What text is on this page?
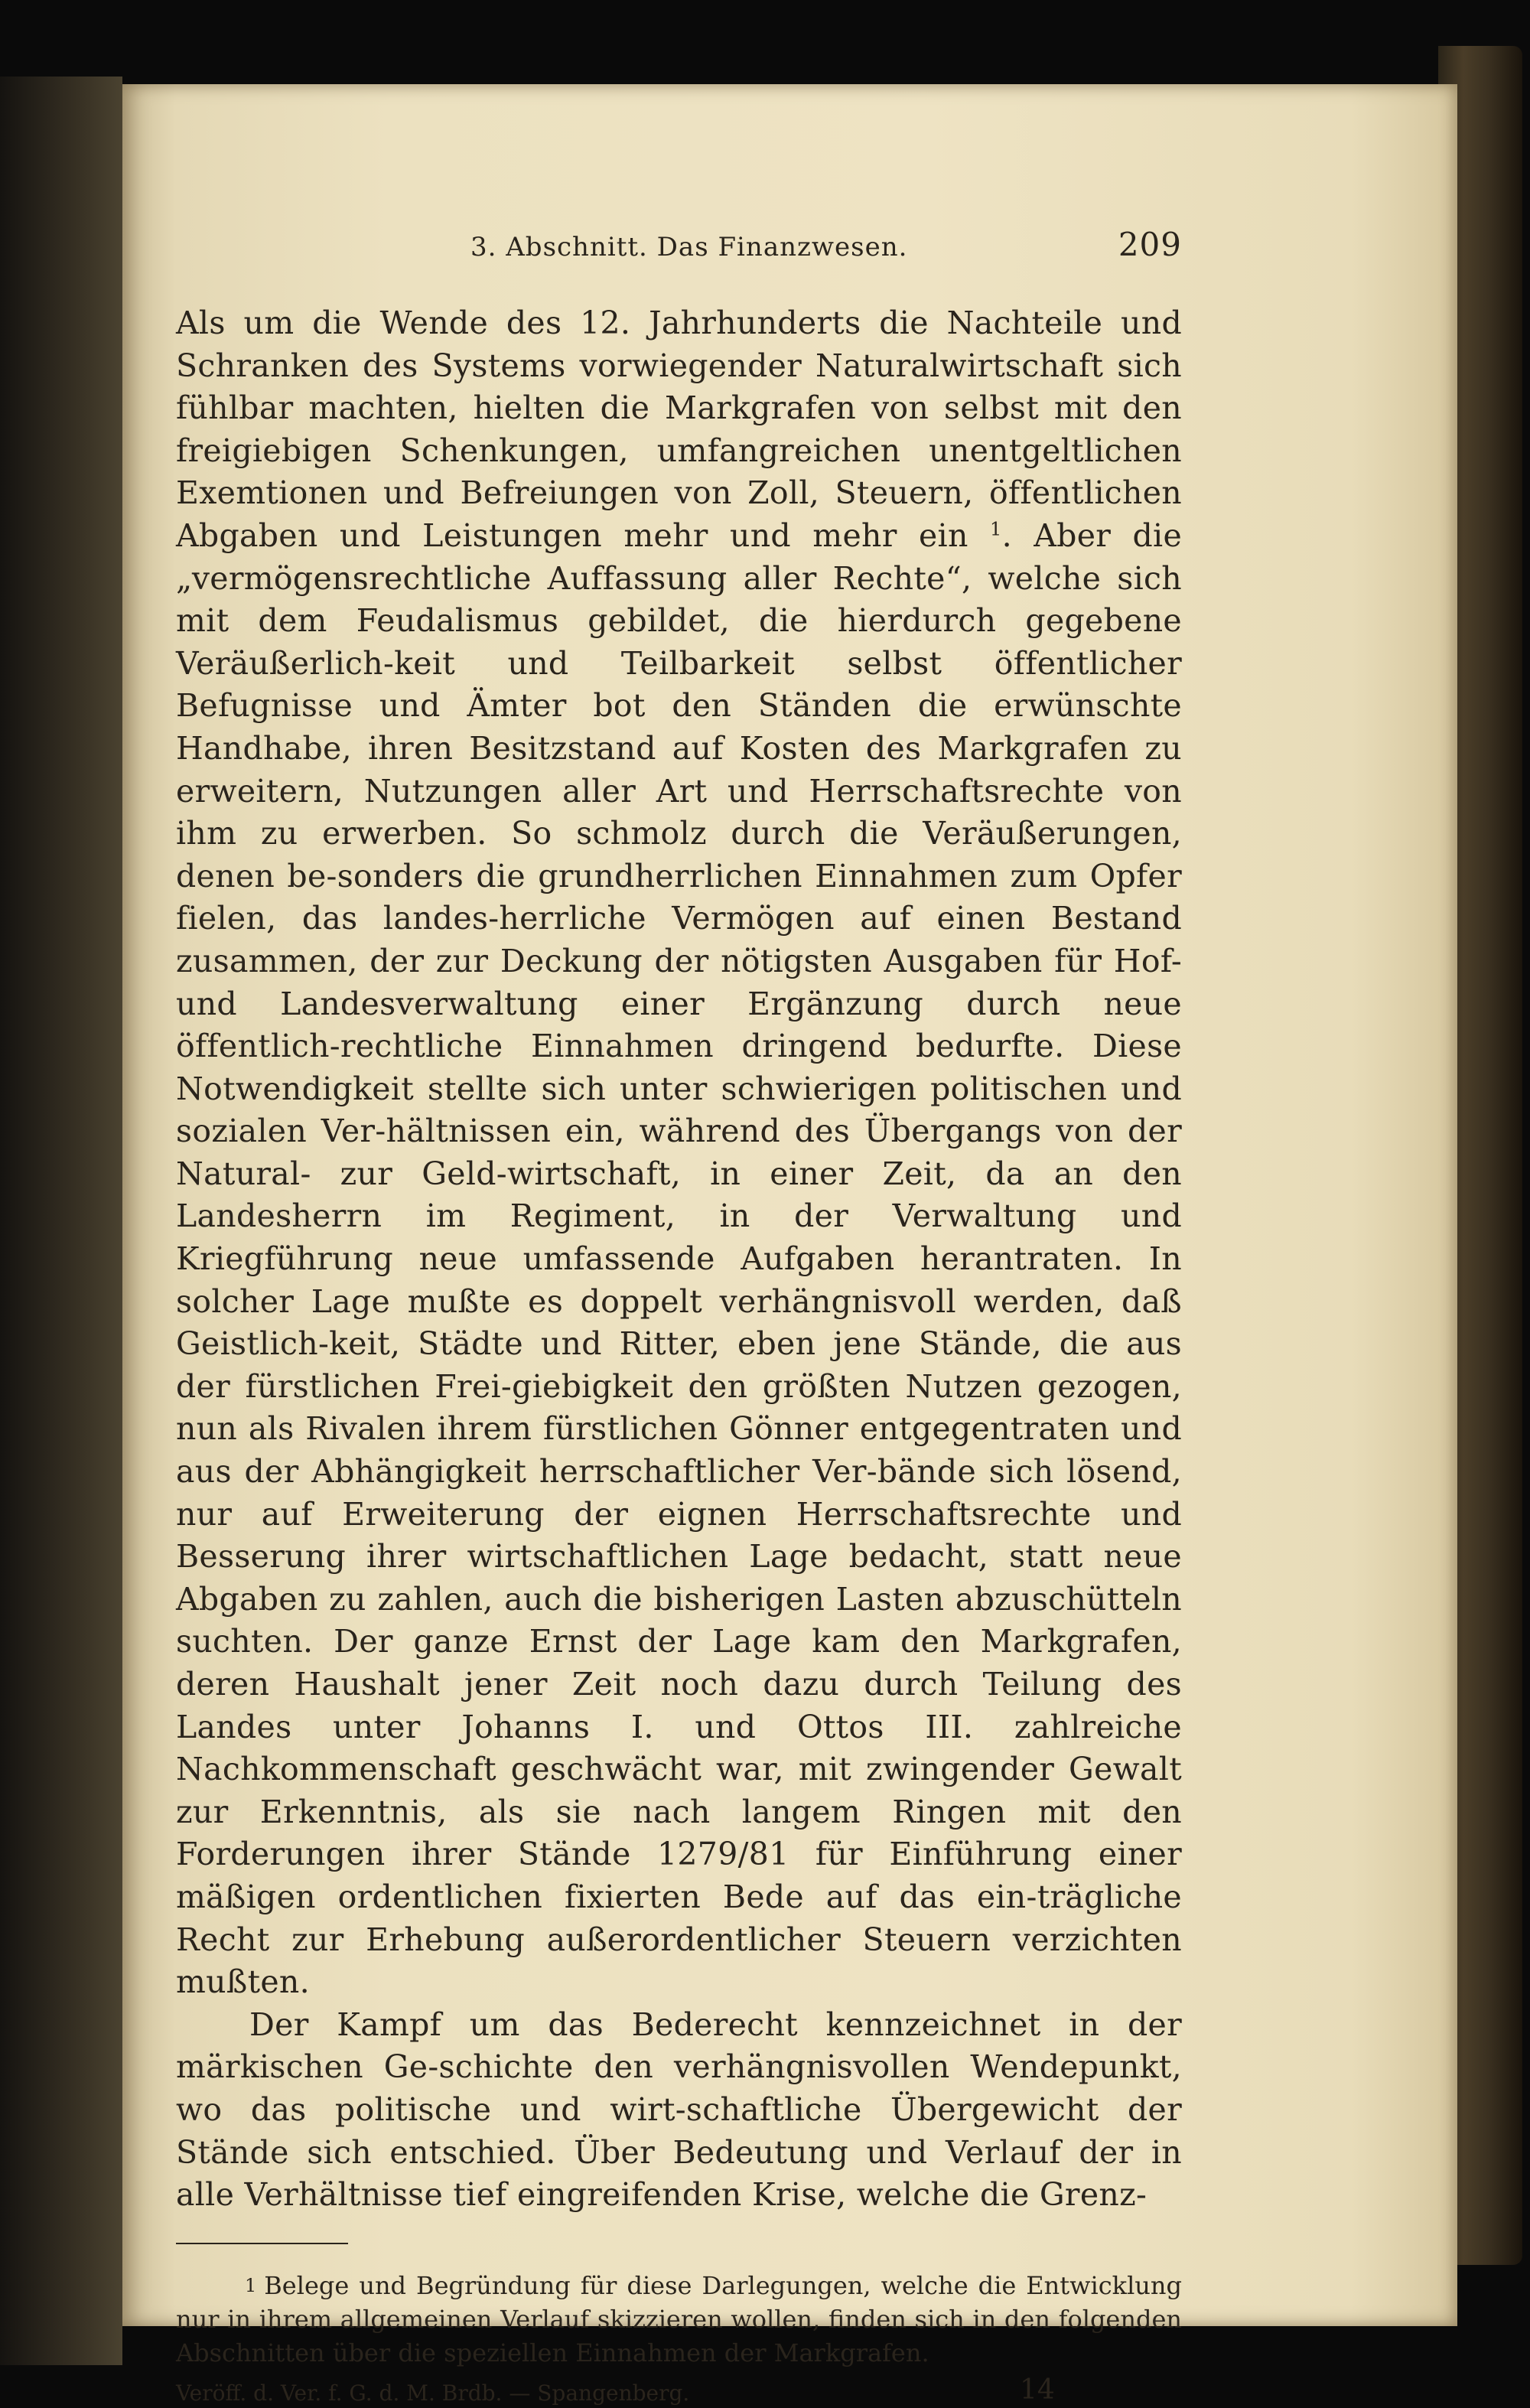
3. Abschnitt. Das Finanzwesen.	209

Als um die Wende des 12. Jahrhunderts die Nachteile und Schranken des Systems vorwiegender Naturalwirtschaft sich fühlbar machten, hielten die Markgrafen von selbst mit den freigiebigen Schenkungen, umfangreichen unentgeltlichen Exemtionen und Befreiungen von Zoll, Steuern, öffentlichen Abgaben und Leistungen mehr und mehr ein $^1$. Aber die „vermögensrechtliche Auffassung aller Rechte“, welche sich mit dem Feudalismus gebildet, die hierdurch gegebene Veräußerlich-keit und Teilbarkeit selbst öffentlicher Befugnisse und Ämter bot den Ständen die erwünschte Handhabe, ihren Besitzstand auf Kosten des Markgrafen zu erweitern, Nutzungen aller Art und Herrschaftsrechte von ihm zu erwerben. So schmolz durch die Veräußerungen, denen be-sonders die grundherrlichen Einnahmen zum Opfer fielen, das landes-herrliche Vermögen auf einen Bestand zusammen, der zur Deckung der nötigsten Ausgaben für Hof- und Landesverwaltung einer Ergänzung durch neue öffentlich-rechtliche Einnahmen dringend bedurfte. Diese Notwendigkeit stellte sich unter schwierigen politischen und sozialen Ver-hältnissen ein, während des Übergangs von der Natural- zur Geld-wirtschaft, in einer Zeit, da an den Landesherrn im Regiment, in der Verwaltung und Kriegführung neue umfassende Aufgaben herantraten. In solcher Lage mußte es doppelt verhängnisvoll werden, daß Geistlich-keit, Städte und Ritter, eben jene Stände, die aus der fürstlichen Frei-giebigkeit den größten Nutzen gezogen, nun als Rivalen ihrem fürstlichen Gönner entgegentraten und aus der Abhängigkeit herrschaftlicher Ver-bände sich lösend, nur auf Erweiterung der eignen Herrschaftsrechte und Besserung ihrer wirtschaftlichen Lage bedacht, statt neue Abgaben zu zahlen, auch die bisherigen Lasten abzuschütteln suchten. Der ganze Ernst der Lage kam den Markgrafen, deren Haushalt jener Zeit noch dazu durch Teilung des Landes unter Johanns I. und Ottos III. zahlreiche Nachkommenschaft geschwächt war, mit zwingender Gewalt zur Erkenntnis, als sie nach langem Ringen mit den Forderungen ihrer Stände 1279/81 für Einführung einer mäßigen ordentlichen fixierten Bede auf das ein-trägliche Recht zur Erhebung außerordentlicher Steuern verzichten mußten.

Der Kampf um das Bederecht kennzeichnet in der märkischen Ge-schichte den verhängnisvollen Wendepunkt, wo das politische und wirt-schaftliche Übergewicht der Stände sich entschied. Über Bedeutung und Verlauf der in alle Verhältnisse tief eingreifenden Krise, welche die Grenz-

1 Belege und Begründung für diese Darlegungen, welche die Entwicklung nur in ihrem allgemeinen Verlauf skizzieren wollen, finden sich in den folgenden Abschnitten über die speziellen Einnahmen der Markgrafen.
Veröff. d. Ver. f. G. d. M. Brdb. — Spangenberg.	14
